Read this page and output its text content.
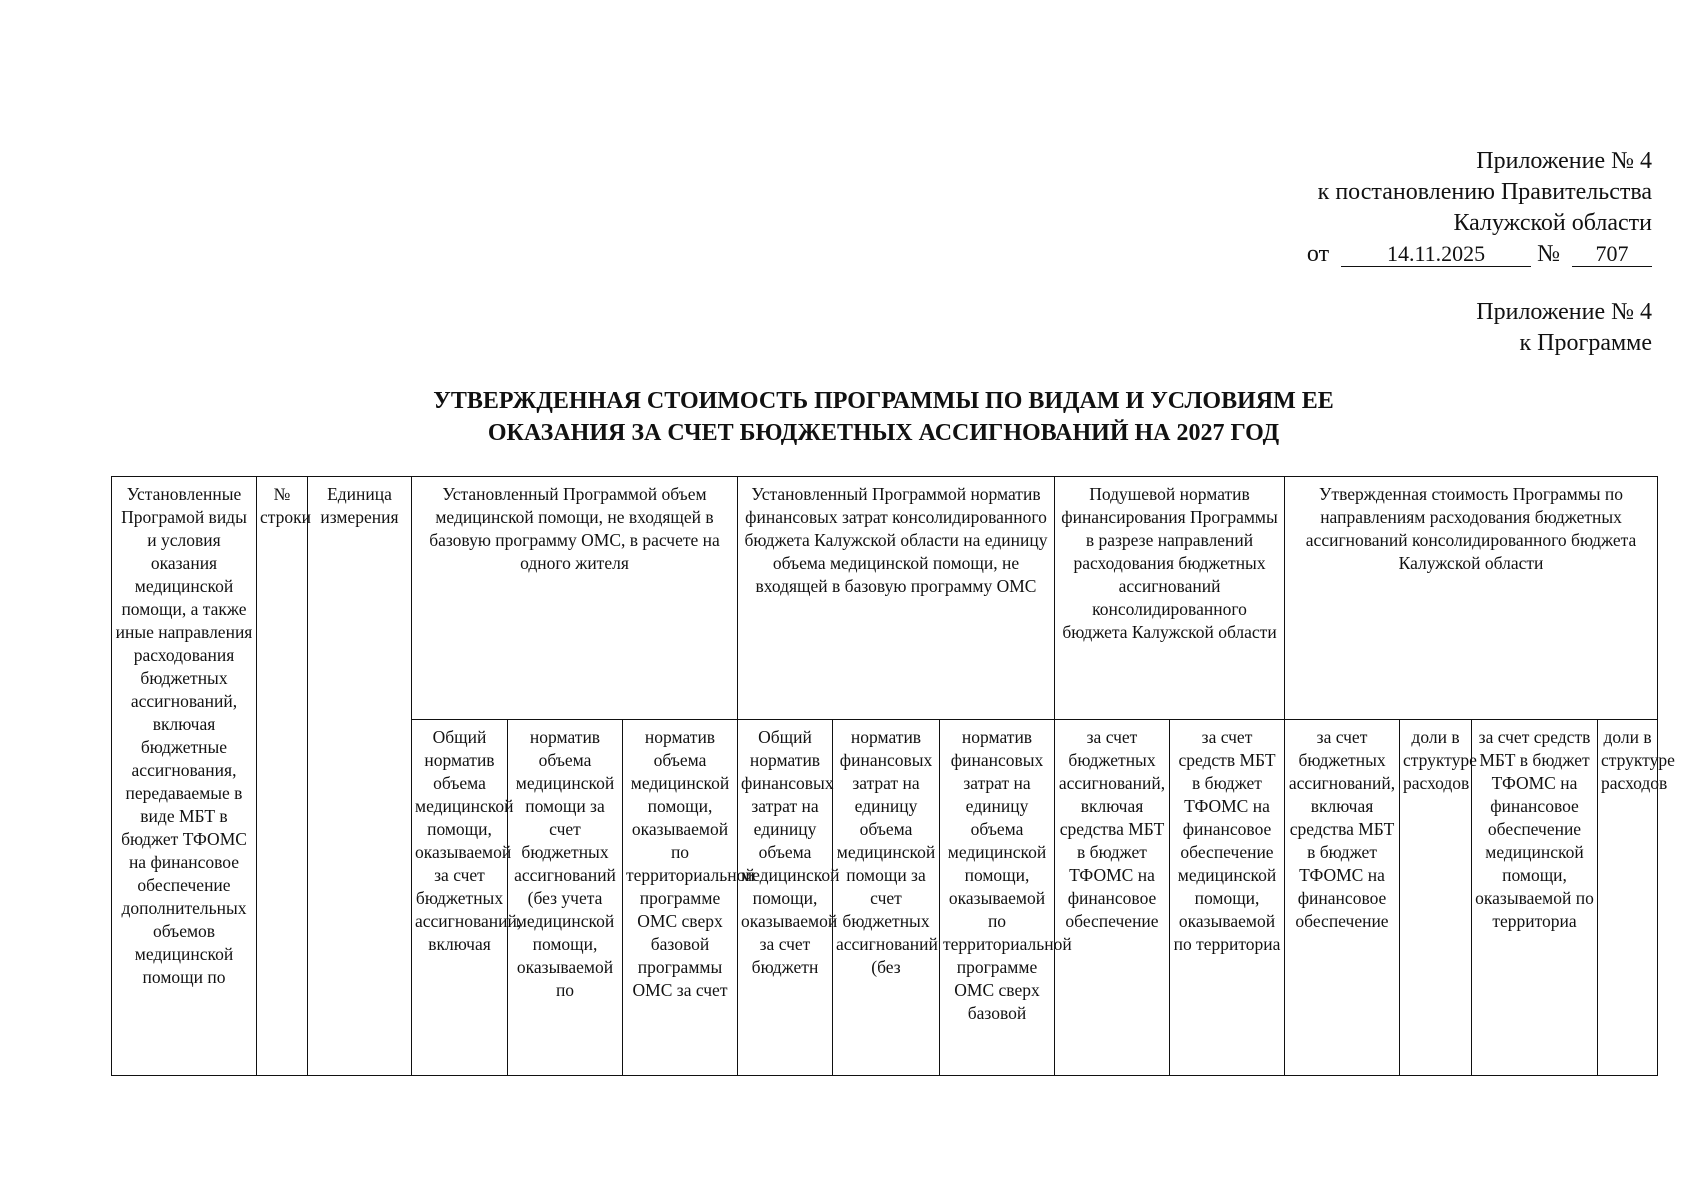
Приложение № 4
к постановлению Правительства
Калужской области
от	14.11.2025 № 707
Приложение № 4
к Программе
УТВЕРЖДЕННАЯ СТОИМОСТЬ ПРОГРАММЫ ПО ВИДАМ И УСЛОВИЯМ ЕЕ
ОКАЗАНИЯ ЗА СЧЕТ БЮДЖЕТНЫХ АССИГНОВАНИЙ НА 2027 ГОД
Установленные Програмой виды и условия оказания медицинской помощи, а также иные направления расходования бюджетных ассигнований, включая бюджетные ассигнования, передаваемые в виде МБТ в бюджет ТФОМС на финансовое обеспечение дополнительных объемов медицинской помощи по	№ строки	Единица измерения	Установленный Программой объем медицинской помощи, не входящей в базовую программу ОМС, в расчете на одного жителя			Установленный Программой норматив финансовых затрат консолидированного бюджета Калужской области на единицу объема медицинской помощи, не входящей в базовую программу ОМС			Подушевой норматив финансирования Программы в разрезе направлений расходования бюджетных ассигнований консолидированного бюджета Калужской области		Утвержденная стоимость Программы по направлениям расходования бюджетных ассигнований консолидированного бюджета Калужской области			
			Общий норматив объема медицинской помощи, оказываемой за счет бюджетных ассигнований, включая	норматив объема медицинской помощи за счет бюджетных ассигнований (без учета медицинской помощи, оказываемой по	норматив объема медицинской помощи, оказываемой по территориальной программе ОМС сверх базовой программы ОМС за счет	Общий норматив финансовых затрат на единицу объема медицинской помощи, оказываемой за счет бюджетн	норматив финансовых затрат на единицу объема медицинской помощи за счет бюджетных ассигнований (без	норматив финансовых затрат на единицу объема медицинской помощи, оказываемой по территориальной программе ОМС сверх базовой	за счет бюджетных ассигнований, включая средства МБТ в бюджет ТФОМС на финансовое обеспечение	за счет средств МБТ в бюджет ТФОМС на финансовое обеспечение медицинской помощи, оказываемой по территориа	за счет бюджетных ассигнований, включая средства МБТ в бюджет ТФОМС на финансовое обеспечение	доли в структуре расходов	за счет средств МБТ в бюджет ТФОМС на финансовое обеспечение медицинской помощи, оказываемой по территориа	доли в структуре расходов
